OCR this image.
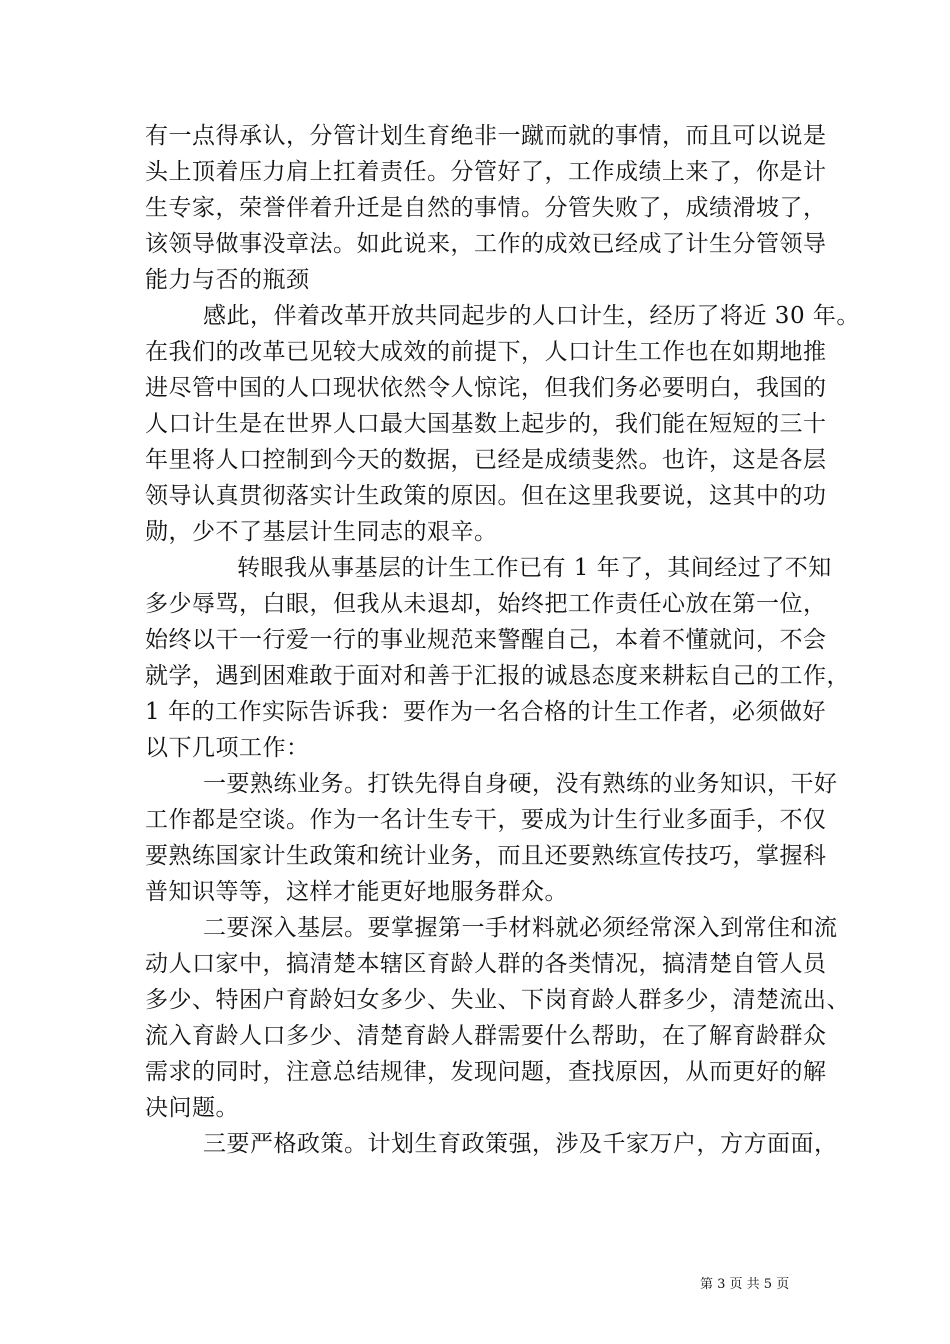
有一点得承认，分管计划生育绝非一蹴而就的事情，而且可以说是
头上顶着压力肩上扛着责任。分管好了，工作成绩上来了，你是计
生专家，荣誉伴着升迁是自然的事情。分管失败了，成绩滑坡了，
该领导做事没章法。如此说来，工作的成效已经成了计生分管领导
能力与否的瓶颈
感此，伴着改革开放共同起步的人口计生，经历了将近 30 年。
在我们的改革已见较大成效的前提下，人口计生工作也在如期地推
进尽管中国的人口现状依然令人惊诧，但我们务必要明白，我国的
人口计生是在世界人口最大国基数上起步的，我们能在短短的三十
年里将人口控制到今天的数据，已经是成绩斐然。也许，这是各层
领导认真贯彻落实计生政策的原因。但在这里我要说，这其中的功
勋，少不了基层计生同志的艰辛。
转眼我从事基层的计生工作已有 1 年了，其间经过了不知
多少辱骂，白眼，但我从未退却，始终把工作责任心放在第一位，
始终以干一行爱一行的事业规范来警醒自己，本着不懂就问，不会
就学，遇到困难敢于面对和善于汇报的诚恳态度来耕耘自己的工作，
1 年的工作实际告诉我：要作为一名合格的计生工作者，必须做好
以下几项工作：
一要熟练业务。打铁先得自身硬，没有熟练的业务知识，干好
工作都是空谈。作为一名计生专干，要成为计生行业多面手，不仅
要熟练国家计生政策和统计业务，而且还要熟练宣传技巧，掌握科
普知识等等，这样才能更好地服务群众。
二要深入基层。要掌握第一手材料就必须经常深入到常住和流
动人口家中，搞清楚本辖区育龄人群的各类情况，搞清楚自管人员
多少、特困户育龄妇女多少、失业、下岗育龄人群多少，清楚流出、
流入育龄人口多少、清楚育龄人群需要什么帮助，在了解育龄群众
需求的同时，注意总结规律，发现问题，查找原因，从而更好的解
决问题。
三要严格政策。计划生育政策强，涉及千家万户，方方面面，
第 3 页 共 5 页
